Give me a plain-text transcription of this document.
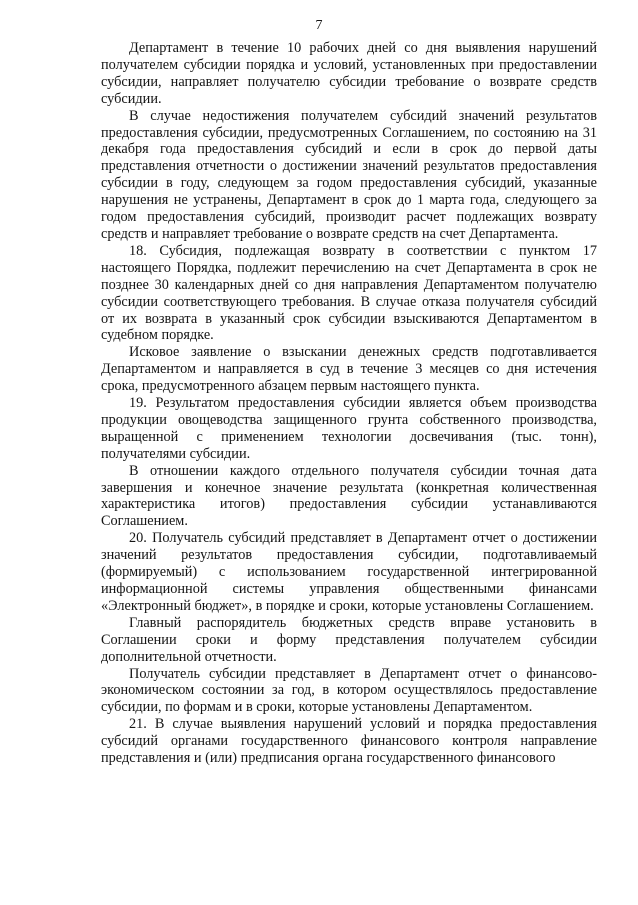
7

Департамент в течение 10 рабочих дней со дня выявления нарушений получателем субсидии порядка и условий, установленных при предоставлении субсидии, направляет получателю субсидии требование о возврате средств субсидии.

В случае недостижения получателем субсидий значений результатов предоставления субсидии, предусмотренных Соглашением, по состоянию на 31 декабря года предоставления субсидий и если в срок до первой даты представления отчетности о достижении значений результатов предоставления субсидии в году, следующем за годом предоставления субсидий, указанные нарушения не устранены, Департамент в срок до 1 марта года, следующего за годом предоставления субсидий, производит расчет подлежащих возврату средств и направляет требование о возврате средств на счет Департамента.

18. Субсидия, подлежащая возврату в соответствии с пунктом 17 настоящего Порядка, подлежит перечислению на счет Департамента в срок не позднее 30 календарных дней со дня направления Департаментом получателю субсидии соответствующего требования. В случае отказа получателя субсидий от их возврата в указанный срок субсидии взыскиваются Департаментом в судебном порядке.

Исковое заявление о взыскании денежных средств подготавливается Департаментом и направляется в суд в течение 3 месяцев со дня истечения срока, предусмотренного абзацем первым настоящего пункта.

19. Результатом предоставления субсидии является объем производства продукции овощеводства защищенного грунта собственного производства, выращенной с применением технологии досвечивания (тыс. тонн), получателями субсидии.

В отношении каждого отдельного получателя субсидии точная дата завершения и конечное значение результата (конкретная количественная характеристика итогов) предоставления субсидии устанавливаются Соглашением.

20. Получатель субсидий представляет в Департамент отчет о достижении значений результатов предоставления субсидии, подготавливаемый (формируемый) с использованием государственной интегрированной информационной системы управления общественными финансами «Электронный бюджет», в порядке и сроки, которые установлены Соглашением.

Главный распорядитель бюджетных средств вправе установить в Соглашении сроки и форму представления получателем субсидии дополнительной отчетности.

Получатель субсидии представляет в Департамент отчет о финансово-экономическом состоянии за год, в котором осуществлялось предоставление субсидии, по формам и в сроки, которые установлены Департаментом.

21. В случае выявления нарушений условий и порядка предоставления субсидий органами государственного финансового контроля направление представления и (или) предписания органа государственного финансового
